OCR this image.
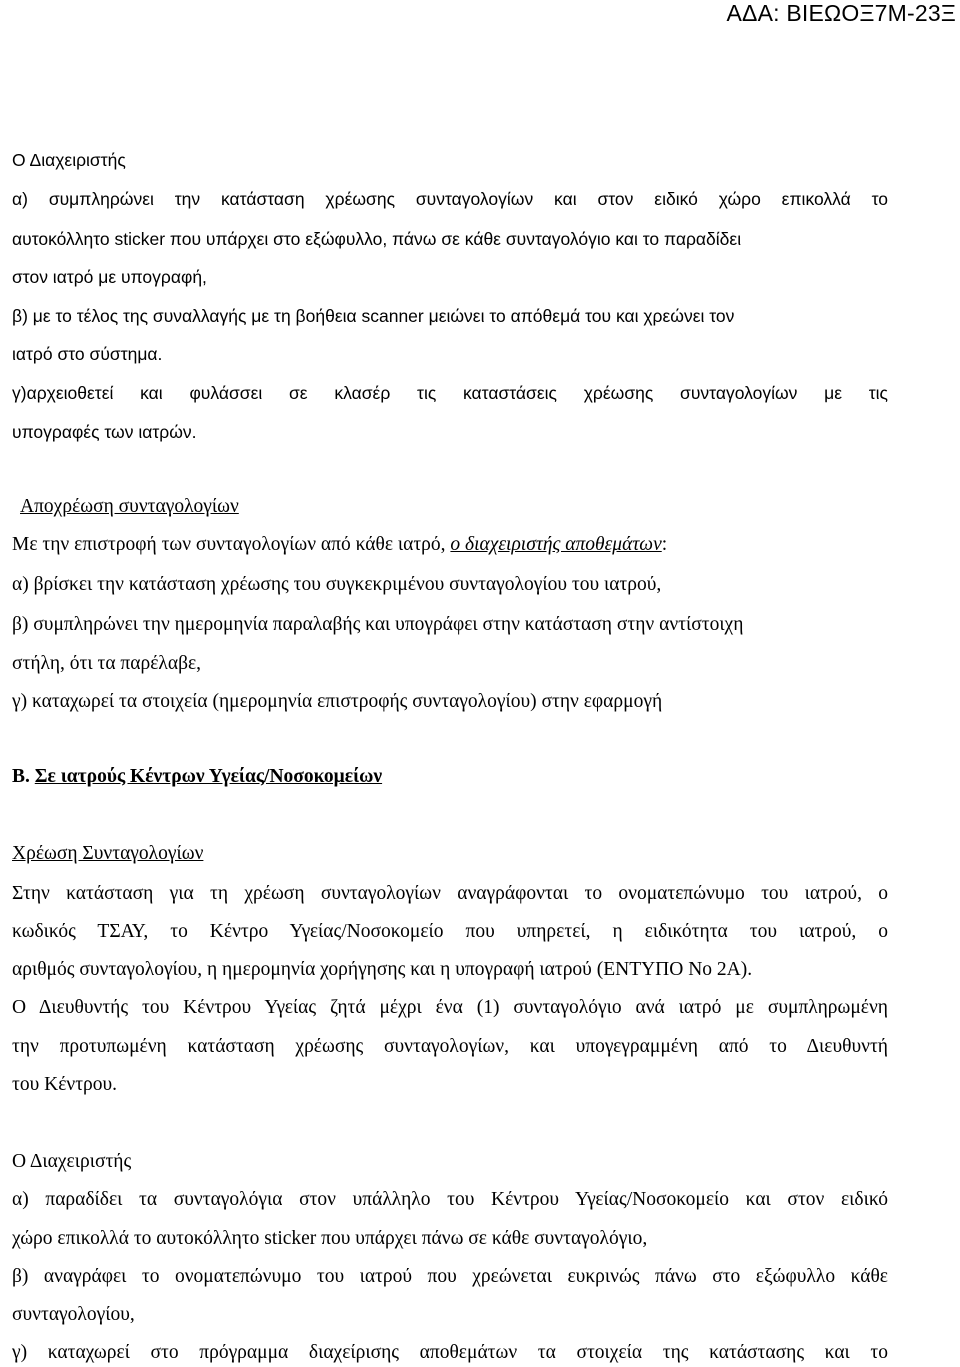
ΑΔΑ: ΒΙΕΩΟΞ7Μ-23Ξ
Ο Διαχειριστής
α) συμπληρώνει την κατάσταση χρέωσης συνταγολογίων και στον ειδικό χώρο επικολλά το
αυτοκόλλητο sticker που υπάρχει στο εξώφυλλο, πάνω σε κάθε συνταγολόγιο και το παραδίδει
στον ιατρό με υπογραφή,
β) με το τέλος της συναλλαγής με τη βοήθεια scanner μειώνει το απόθεμά του και χρεώνει τον
ιατρό στο σύστημα.
γ)αρχειοθετεί και φυλάσσει σε κλασέρ τις καταστάσεις χρέωσης συνταγολογίων με τις
υπογραφές των ιατρών.
Αποχρέωση συνταγολογίων
Με την επιστροφή των συνταγολογίων από κάθε ιατρό, ο διαχειριστής αποθεμάτων:
α) βρίσκει την κατάσταση χρέωσης του συγκεκριμένου συνταγολογίου του ιατρού,
β) συμπληρώνει την ημερομηνία παραλαβής και υπογράφει στην κατάσταση στην αντίστοιχη
στήλη, ότι τα παρέλαβε,
γ) καταχωρεί τα στοιχεία (ημερομηνία επιστροφής συνταγολογίου) στην εφαρμογή
Β. Σε ιατρούς Κέντρων Υγείας/Νοσοκομείων
Χρέωση Συνταγολογίων
Στην κατάσταση για τη χρέωση συνταγολογίων αναγράφονται το ονοματεπώνυμο του ιατρού, ο
κωδικός ΤΣΑΥ, το Κέντρο Υγείας/Νοσοκομείο που υπηρετεί, η ειδικότητα του ιατρού, ο
αριθμός συνταγολογίου, η ημερομηνία χορήγησης και η υπογραφή ιατρού (ΕΝΤΥΠΟ Νο 2Α).
Ο Διευθυντής του Κέντρου Υγείας ζητά μέχρι ένα (1) συνταγολόγιο ανά ιατρό με συμπληρωμένη
την προτυπωμένη κατάσταση χρέωσης συνταγολογίων, και υπογεγραμμένη από το Διευθυντή
του Κέντρου.
Ο Διαχειριστής
α) παραδίδει τα συνταγολόγια στον υπάλληλο του Κέντρου Υγείας/Νοσοκομείο και στον ειδικό
χώρο επικολλά το αυτοκόλλητο sticker που υπάρχει πάνω σε κάθε συνταγολόγιο,
β) αναγράφει το ονοματεπώνυμο του ιατρού που χρεώνεται ευκρινώς πάνω στο εξώφυλλο κάθε
συνταγολογίου,
γ) καταχωρεί στο πρόγραμμα διαχείρισης αποθεμάτων τα στοιχεία της κατάστασης και το
